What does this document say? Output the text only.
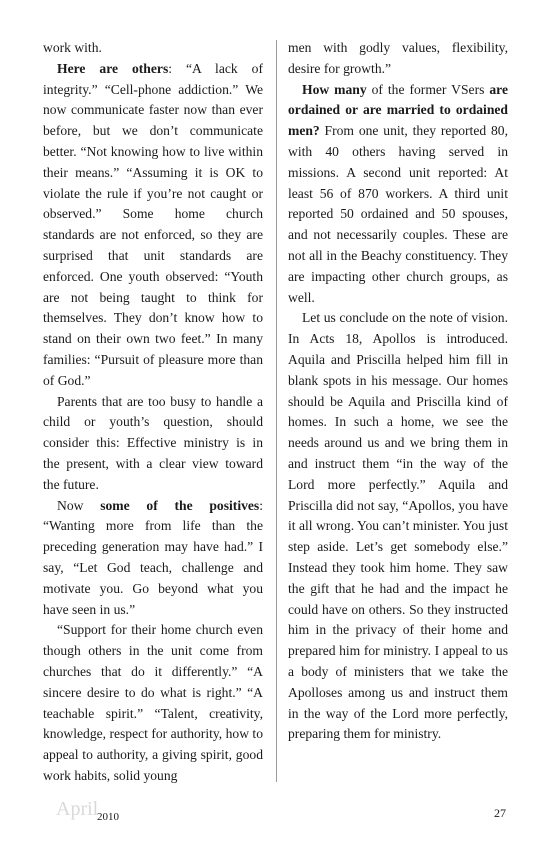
work with.

Here are others: “A lack of integrity.” “Cell-phone addiction.” We now communicate faster now than ever before, but we don’t communicate better. “Not knowing how to live within their means.” “Assuming it is OK to violate the rule if you’re not caught or observed.” Some home church standards are not enforced, so they are surprised that unit standards are enforced. One youth observed: “Youth are not being taught to think for themselves. They don’t know how to stand on their own two feet.” In many families: “Pursuit of pleasure more than of God.”

Parents that are too busy to handle a child or youth’s question, should consider this: Effective ministry is in the present, with a clear view toward the future.

Now some of the positives: “Wanting more from life than the preceding generation may have had.” I say, “Let God teach, challenge and motivate you. Go beyond what you have seen in us.”

“Support for their home church even though others in the unit come from churches that do it differently.” “A sincere desire to do what is right.” “A teachable spirit.” “Talent, creativity, knowledge, respect for authority, how to appeal to authority, a giving spirit, good work habits, solid young

men with godly values, flexibility, desire for growth.”

How many of the former VSers are ordained or are married to ordained men? From one unit, they reported 80, with 40 others having served in missions. A second unit reported: At least 56 of 870 workers. A third unit reported 50 ordained and 50 spouses, and not necessarily couples. These are not all in the Beachy constituency. They are impacting other church groups, as well.

Let us conclude on the note of vision. In Acts 18, Apollos is introduced. Aquila and Priscilla helped him fill in blank spots in his message. Our homes should be Aquila and Priscilla kind of homes. In such a home, we see the needs around us and we bring them in and instruct them “in the way of the Lord more perfectly.” Aquila and Priscilla did not say, “Apollos, you have it all wrong. You can’t minister. You just step aside. Let’s get somebody else.” Instead they took him home. They saw the gift that he had and the impact he could have on others. So they instructed him in the privacy of their home and prepared him for ministry. I appeal to us a body of ministers that we take the Apolloses among us and instruct them in the way of the Lord more perfectly, preparing them for ministry.

April
2010	27
